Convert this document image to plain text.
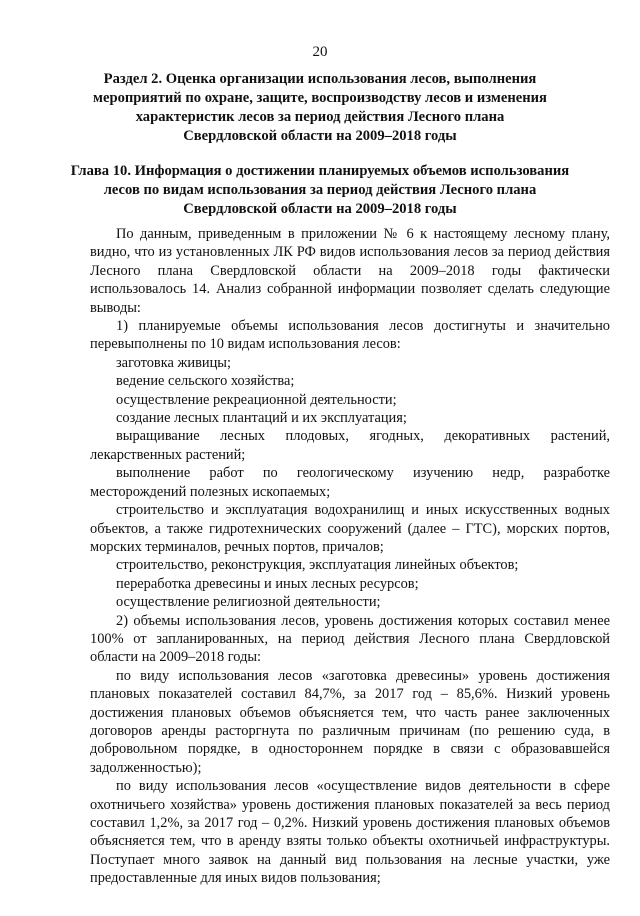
20
Раздел 2. Оценка организации использования лесов, выполнения
мероприятий по охране, защите, воспроизводству лесов и изменения
характеристик лесов за период действия Лесного плана
Свердловской области на 2009–2018 годы
Глава 10. Информация о достижении планируемых объемов использования
лесов по видам использования за период действия Лесного плана
Свердловской области на 2009–2018 годы

По данным, приведенным в приложении № 6 к настоящему лесному плану, видно, что из установленных ЛК РФ видов использования лесов за период действия Лесного плана Свердловской области на 2009–2018 годы фактически использовалось 14. Анализ собранной информации позволяет сделать следующие выводы:

1) планируемые объемы использования лесов достигнуты и значительно перевыполнены по 10 видам использования лесов:

заготовка живицы;

ведение сельского хозяйства;

осуществление рекреационной деятельности;

создание лесных плантаций и их эксплуатация;

выращивание лесных плодовых, ягодных, декоративных растений, лекарственных растений;

выполнение работ по геологическому изучению недр, разработке месторождений полезных ископаемых;

строительство и эксплуатация водохранилищ и иных искусственных водных объектов, а также гидротехнических сооружений (далее – ГТС), морских портов, морских терминалов, речных портов, причалов;

строительство, реконструкция, эксплуатация линейных объектов;

переработка древесины и иных лесных ресурсов;

осуществление религиозной деятельности;

2) объемы использования лесов, уровень достижения которых составил менее 100% от запланированных, на период действия Лесного плана Свердловской области на 2009–2018 годы:

по виду использования лесов «заготовка древесины» уровень достижения плановых показателей составил 84,7%, за 2017 год – 85,6%. Низкий уровень достижения плановых объемов объясняется тем, что часть ранее заключенных договоров аренды расторгнута по различным причинам (по решению суда, в добровольном порядке, в одностороннем порядке в связи с образовавшейся задолженностью);

по виду использования лесов «осуществление видов деятельности в сфере охотничьего хозяйства» уровень достижения плановых показателей за весь период составил 1,2%, за 2017 год – 0,2%. Низкий уровень достижения плановых объемов объясняется тем, что в аренду взяты только объекты охотничьей инфраструктуры. Поступает много заявок на данный вид пользования на лесные участки, уже предоставленные для иных видов пользования;
